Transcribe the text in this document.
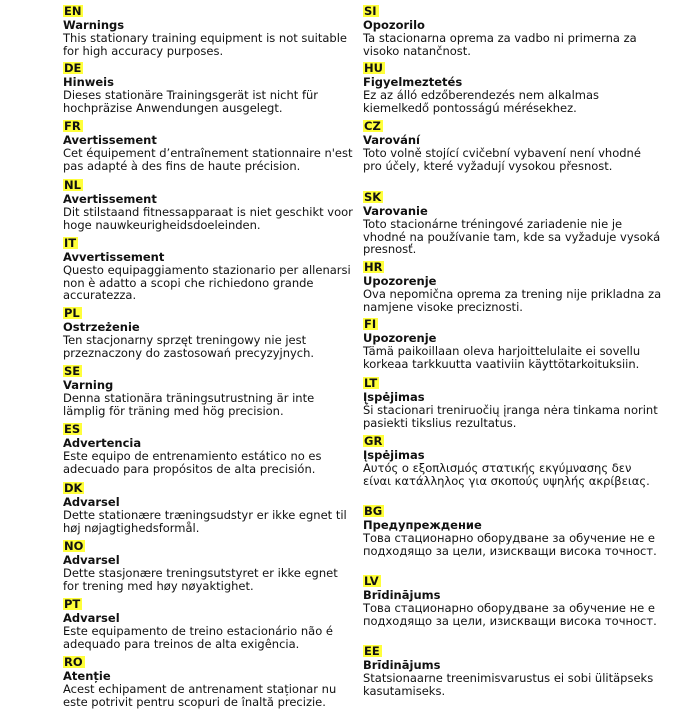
EN
Warnings
This stationary training equipment is not suitable for high accuracy purposes.
DE
Hinweis
Dieses stationäre Trainingsgerät ist nicht für hochpräzise Anwendungen ausgelegt.
FR
Avertissement
Cet équipement d’entraînement stationnaire n'est pas adapté à des fins de haute précision.
NL
Avertissement
Dit stilstaand fitnessapparaat is niet geschikt voor hoge nauwkeurigheidsdoeleinden.
IT
Avvertissement
Questo equipaggiamento stazionario per allenarsi non è adatto a scopi che richiedono grande accuratezza.
PL
Ostrzeżenie
Ten stacjonarny sprzęt treningowy nie jest przeznaczony do zastosowań precyzyjnych.
SE
Varning
Denna stationära träningsutrustning är inte lämplig för träning med hög precision.
ES
Advertencia
Este equipo de entrenamiento estático no es adecuado para propósitos de alta precisión.
DK
Advarsel
Dette stationære træningsudstyr er ikke egnet til høj nøjagtighedsformål.
NO
Advarsel
Dette stasjonære treningsutstyret er ikke egnet for trening med høy nøyaktighet.
PT
Advarsel
Este equipamento de treino estacionário não é adequado para treinos de alta exigência.
RO
Atenție
Acest echipament de antrenament staționar nu este potrivit pentru scopuri de înaltă precizie.
SI
Opozorilo
Ta stacionarna oprema za vadbo ni primerna za visoko natančnost.
HU
Figyelmeztetés
Ez az álló edzőberendezés nem alkalmas kiemelkedő pontosságú mérésekhez.
CZ
Varování
Toto volně stojící cvičební vybavení není vhodné pro účely, které vyžadují vysokou přesnost.
SK
Varovanie
Toto stacionárne tréningové zariadenie nie je vhodné na používanie tam, kde sa vyžaduje vysoká presnosť.
HR
Upozorenje
Ova nepomična oprema za trening nije prikladna za namjene visoke preciznosti.
FI
Upozorenje
Tämä paikoillaan oleva harjoittelulaite ei sovellu korkeaa tarkkuutta vaativiin käyttötarkoituksiin.
LT
Įspėjimas
Ši stacionari treniruočių įranga nėra tinkama norint pasiekti tikslius rezultatus.
GR
Įspėjimas
Αυτός ο εξοπλισμός στατικής εκγύμνασης δεν είναι κατάλληλος για σκοπούς υψηλής ακρίβειας.
BG
Предупреждение
Това стационарно оборудване за обучение не е подходящо за цели, изискващи висока точност.
LV
Brīdinājums
Това стационарно оборудване за обучение не е подходящо за цели, изискващи висока точност.
EE
Brīdinājums
Statsionaarne treenimisvarustus ei sobi ülitäpseks kasutamiseks.
